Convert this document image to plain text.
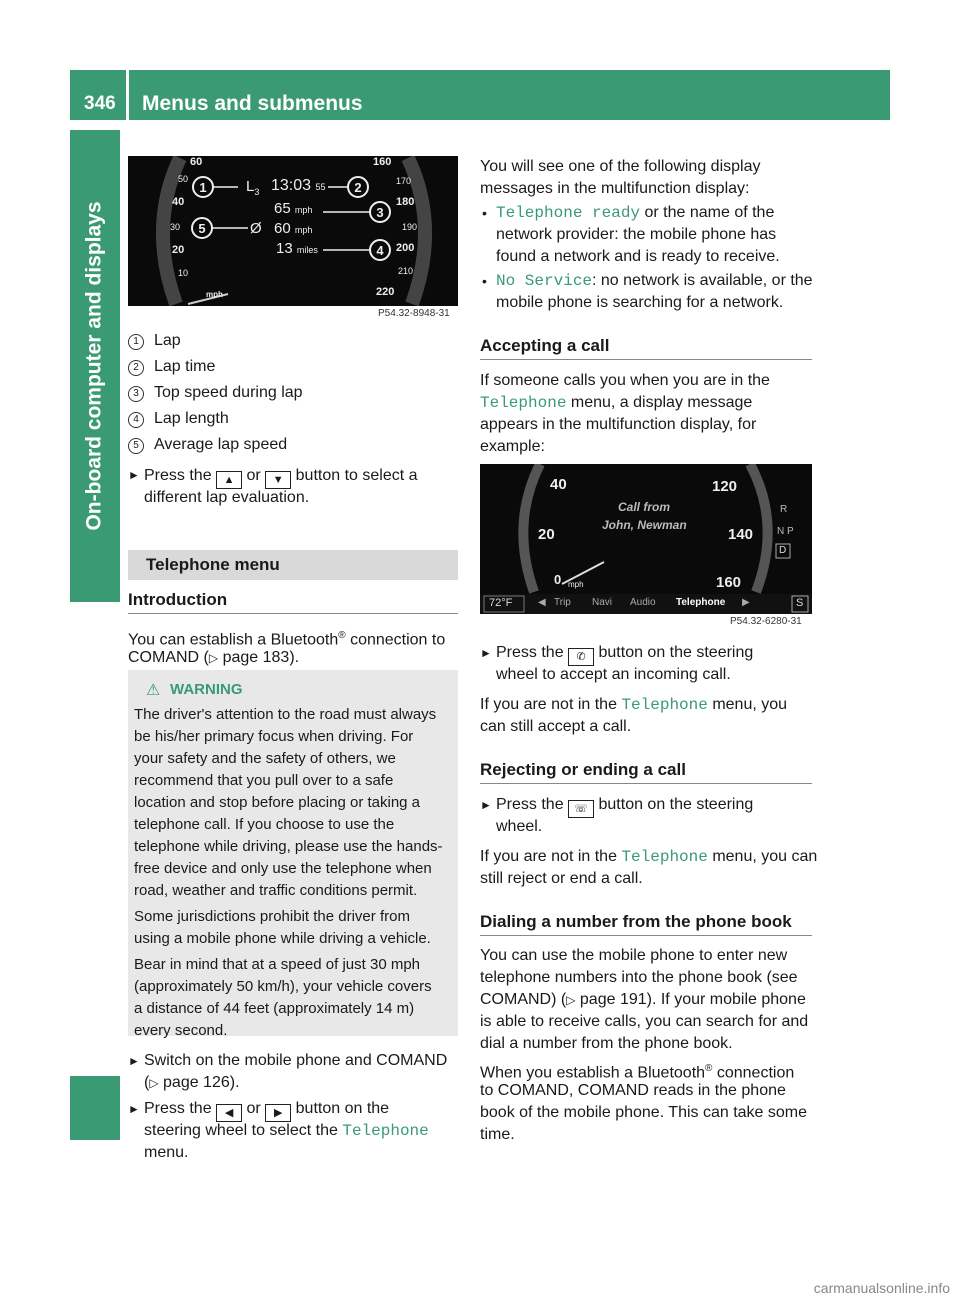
346	Menus and submenus
On-board computer and displays
1
5
2
3
4
60
50
40
30
20
10
160
170
180
190
200
210
220
mph
$L_3$ 13:03 55
65 mph
Ø 60 mph
13 miles
P54.32-8948-31
1 Lap
2 Lap time
3 Top speed during lap
4 Lap length
5 Average lap speed
► Press the ▲ or ▼ button to select a
different lap evaluation.
Telephone menu
Introduction
You can establish a Bluetooth® connection to
COMAND (▷ page 183).
⚠ WARNING
The driver's attention to the road must always
be his/her primary focus when driving. For
your safety and the safety of others, we
recommend that you pull over to a safe
location and stop before placing or taking a
telephone call. If you choose to use the
telephone while driving, please use the hands-
free device and only use the telephone when
road, weather and traffic conditions permit.
Some jurisdictions prohibit the driver from
using a mobile phone while driving a vehicle.
Bear in mind that at a speed of just 30 mph
(approximately 50 km/h), your vehicle covers
a distance of 44 feet (approximately 14 m)
every second.
► Switch on the mobile phone and COMAND
(▷ page 126).
► Press the ◀ or ▶ button on the
steering wheel to select the Telephone
menu.
You will see one of the following display
messages in the multifunction display:
• Telephone ready or the name of the
network provider: the mobile phone has
found a network and is ready to receive.
• No Service: no network is available, or the
mobile phone is searching for a network.
Accepting a call
If someone calls you when you are in the
Telephone menu, a display message
appears in the multifunction display, for
example:
40
20
0 mph
120
140
160
Call from
John, Newman
R
N P
D
72°F	◀ Trip Navi Audio Telephone ▶	S
P54.32-6280-31
► Press the ✆ button on the steering
wheel to accept an incoming call.
If you are not in the Telephone menu, you
can still accept a call.
Rejecting or ending a call
► Press the ☏ button on the steering
wheel.
If you are not in the Telephone menu, you can
still reject or end a call.
Dialing a number from the phone book
You can use the mobile phone to enter new
telephone numbers into the phone book (see
COMAND) (▷ page 191). If your mobile phone
is able to receive calls, you can search for and
dial a number from the phone book.
When you establish a Bluetooth® connection
to COMAND, COMAND reads in the phone
book of the mobile phone. This can take some
time.
carmanualsonline.info
